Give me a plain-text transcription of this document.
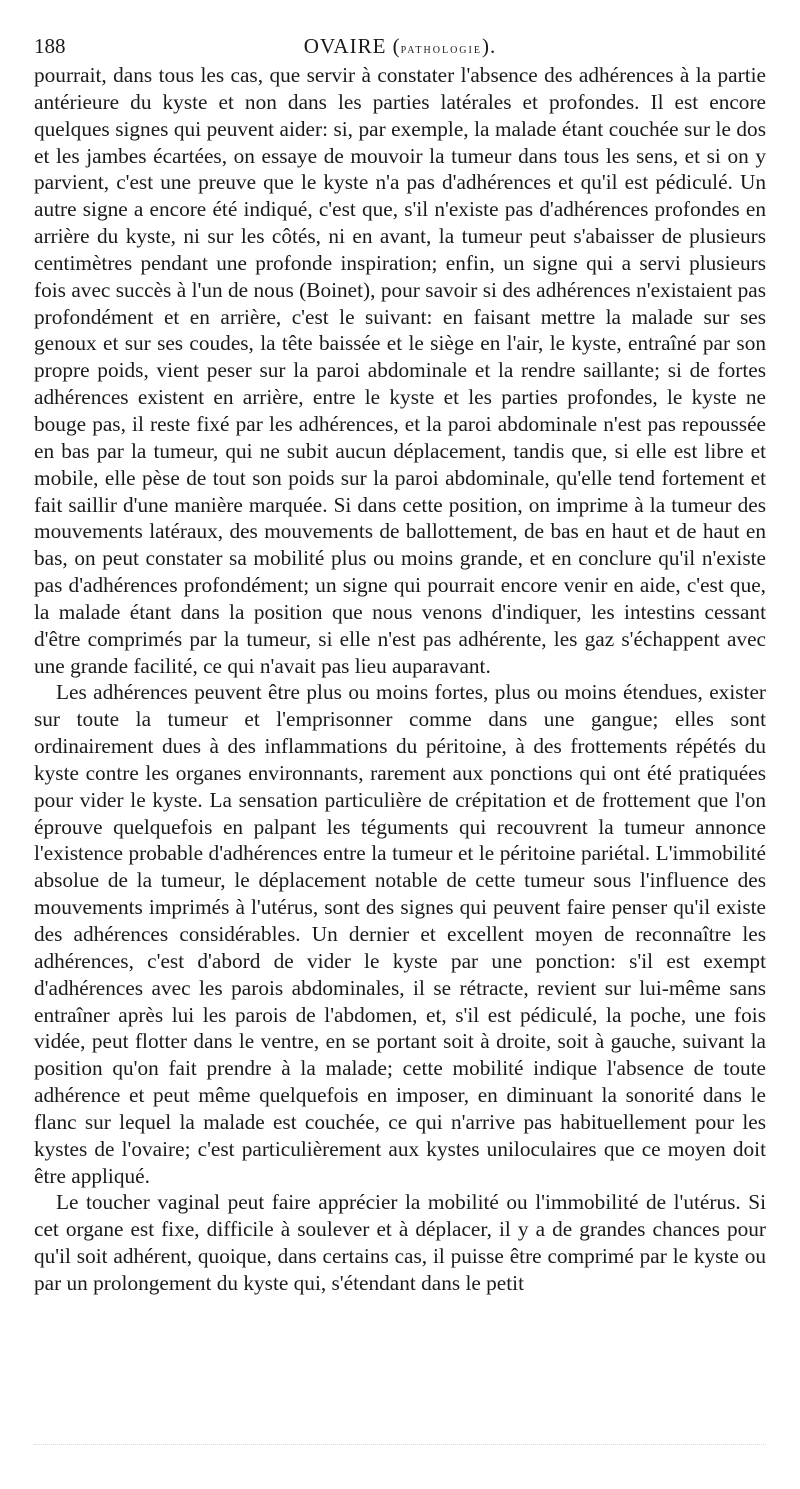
188	OVAIRE (pathologie).

pourrait, dans tous les cas, que servir à constater l'absence des adhérences à la partie antérieure du kyste et non dans les parties latérales et profondes. Il est encore quelques signes qui peuvent aider: si, par exemple, la malade étant couchée sur le dos et les jambes écartées, on essaye de mouvoir la tumeur dans tous les sens, et si on y parvient, c'est une preuve que le kyste n'a pas d'adhérences et qu'il est pédiculé. Un autre signe a encore été indiqué, c'est que, s'il n'existe pas d'adhérences profondes en arrière du kyste, ni sur les côtés, ni en avant, la tumeur peut s'abaisser de plusieurs centimètres pendant une profonde inspiration; enfin, un signe qui a servi plusieurs fois avec succès à l'un de nous (Boinet), pour savoir si des adhérences n'existaient pas profondément et en arrière, c'est le suivant: en faisant mettre la malade sur ses genoux et sur ses coudes, la tête baissée et le siège en l'air, le kyste, entraîné par son propre poids, vient peser sur la paroi abdominale et la rendre saillante; si de fortes adhérences existent en arrière, entre le kyste et les parties profondes, le kyste ne bouge pas, il reste fixé par les adhérences, et la paroi abdominale n'est pas repoussée en bas par la tumeur, qui ne subit aucun déplacement, tandis que, si elle est libre et mobile, elle pèse de tout son poids sur la paroi abdominale, qu'elle tend fortement et fait saillir d'une manière marquée. Si dans cette position, on imprime à la tumeur des mouvements latéraux, des mouvements de ballottement, de bas en haut et de haut en bas, on peut constater sa mobilité plus ou moins grande, et en conclure qu'il n'existe pas d'adhérences profondément; un signe qui pourrait encore venir en aide, c'est que, la malade étant dans la position que nous venons d'indiquer, les intestins cessant d'être comprimés par la tumeur, si elle n'est pas adhérente, les gaz s'échappent avec une grande facilité, ce qui n'avait pas lieu auparavant.

Les adhérences peuvent être plus ou moins fortes, plus ou moins étendues, exister sur toute la tumeur et l'emprisonner comme dans une gangue; elles sont ordinairement dues à des inflammations du péritoine, à des frottements répétés du kyste contre les organes environnants, rarement aux ponctions qui ont été pratiquées pour vider le kyste. La sensation particulière de crépitation et de frottement que l'on éprouve quelquefois en palpant les téguments qui recouvrent la tumeur annonce l'existence probable d'adhérences entre la tumeur et le péritoine pariétal. L'immobilité absolue de la tumeur, le déplacement notable de cette tumeur sous l'influence des mouvements imprimés à l'utérus, sont des signes qui peuvent faire penser qu'il existe des adhérences considérables. Un dernier et excellent moyen de reconnaître les adhérences, c'est d'abord de vider le kyste par une ponction: s'il est exempt d'adhérences avec les parois abdominales, il se rétracte, revient sur lui-même sans entraîner après lui les parois de l'abdomen, et, s'il est pédiculé, la poche, une fois vidée, peut flotter dans le ventre, en se portant soit à droite, soit à gauche, suivant la position qu'on fait prendre à la malade; cette mobilité indique l'absence de toute adhérence et peut même quelquefois en imposer, en diminuant la sonorité dans le flanc sur lequel la malade est couchée, ce qui n'arrive pas habituellement pour les kystes de l'ovaire; c'est particulièrement aux kystes uniloculaires que ce moyen doit être appliqué.

Le toucher vaginal peut faire apprécier la mobilité ou l'immobilité de l'utérus. Si cet organe est fixe, difficile à soulever et à déplacer, il y a de grandes chances pour qu'il soit adhérent, quoique, dans certains cas, il puisse être comprimé par le kyste ou par un prolongement du kyste qui, s'étendant dans le petit
